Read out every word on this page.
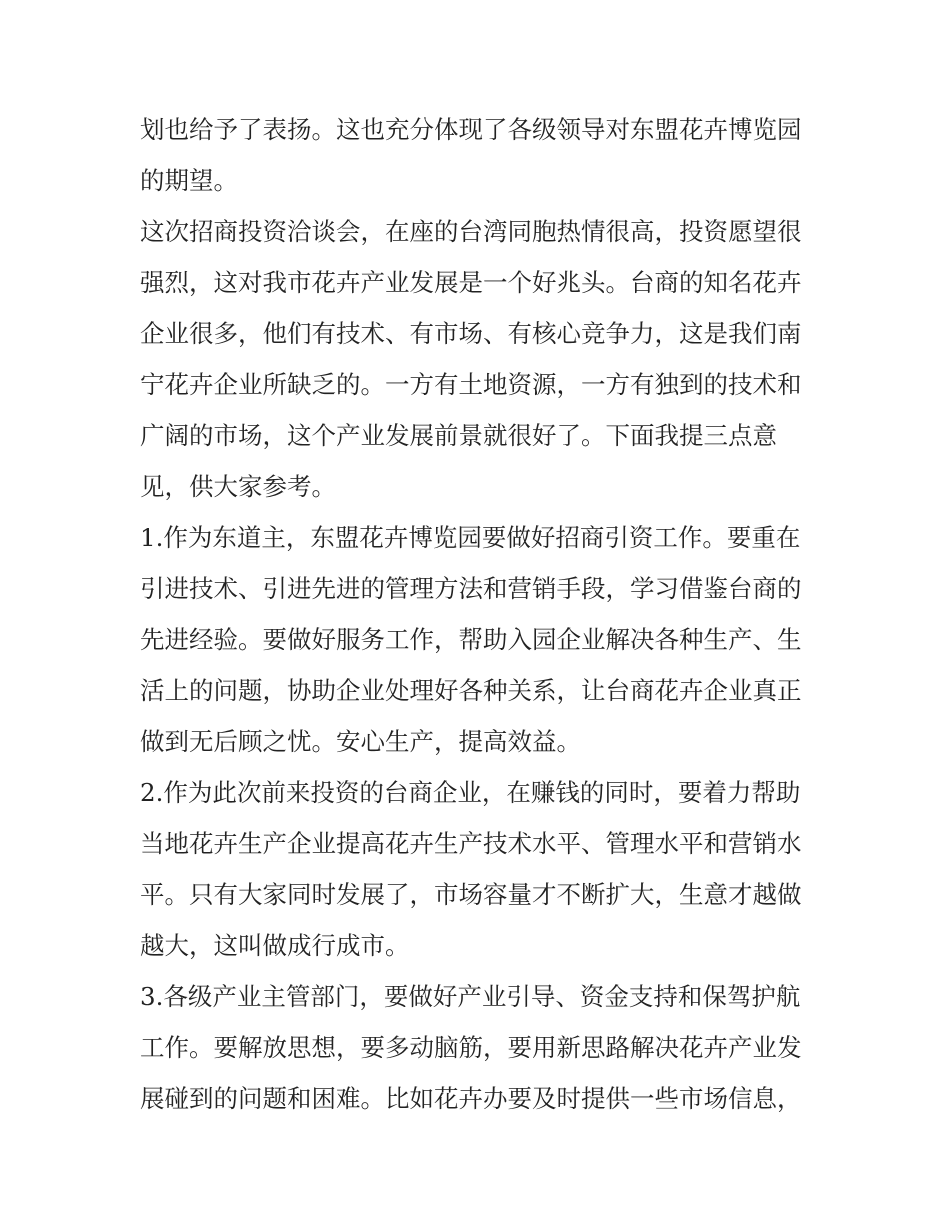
划也给予了表扬。这也充分体现了各级领导对东盟花卉博览园
的期望。
这次招商投资洽谈会，在座的台湾同胞热情很高，投资愿望很
强烈，这对我市花卉产业发展是一个好兆头。台商的知名花卉
企业很多，他们有技术、有市场、有核心竞争力，这是我们南
宁花卉企业所缺乏的。一方有土地资源，一方有独到的技术和
广阔的市场，这个产业发展前景就很好了。下面我提三点意
见，供大家参考。
1.作为东道主，东盟花卉博览园要做好招商引资工作。要重在
引进技术、引进先进的管理方法和营销手段，学习借鉴台商的
先进经验。要做好服务工作，帮助入园企业解决各种生产、生
活上的问题，协助企业处理好各种关系，让台商花卉企业真正
做到无后顾之忧。安心生产，提高效益。
2.作为此次前来投资的台商企业，在赚钱的同时，要着力帮助
当地花卉生产企业提高花卉生产技术水平、管理水平和营销水
平。只有大家同时发展了，市场容量才不断扩大，生意才越做
越大，这叫做成行成市。
3.各级产业主管部门，要做好产业引导、资金支持和保驾护航
工作。要解放思想，要多动脑筋，要用新思路解决花卉产业发
展碰到的问题和困难。比如花卉办要及时提供一些市场信息，
